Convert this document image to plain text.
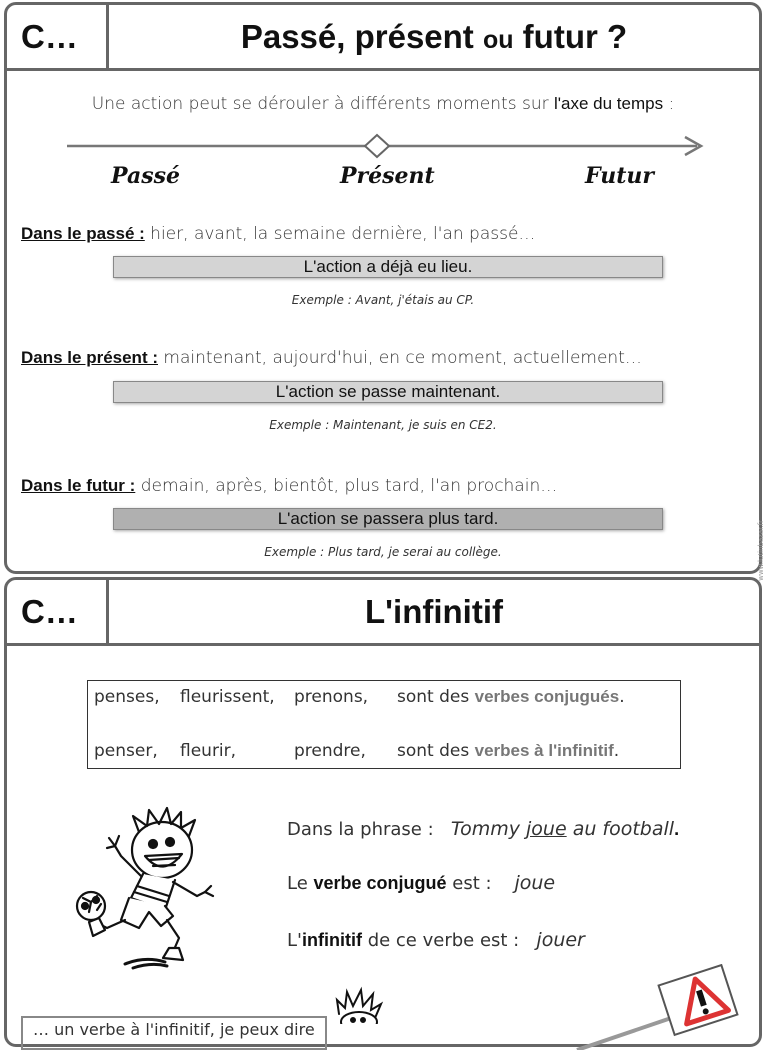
C…	Passé, présent ou futur ?
Une action peut se dérouler à différents moments sur l'axe du temps :
Passé	Présent	Futur
Dans le passé : hier, avant, la semaine dernière, l'an passé…
L'action a déjà eu lieu.
Exemple : Avant, j'étais au CP.
Dans le présent : maintenant, aujourd'hui, en ce moment, actuellement…
L'action se passe maintenant.
Exemple : Maintenant, je suis en CE2.
Dans le futur : demain, après, bientôt, plus tard, l'an prochain…
L'action se passera plus tard.
Exemple : Plus tard, je serai au collège.	www.lutinbazar.fr
C…	L'infinitif
penses, fleurissent, prenons, sont des verbes conjugués.
penser, fleurir,	prendre, sont des verbes à l'infinitif.
Dans la phrase : Tommy joue au football.
Le verbe conjugué est : joue
L'infinitif de ce verbe est : jouer
… un verbe à l'infinitif, je peux dire
